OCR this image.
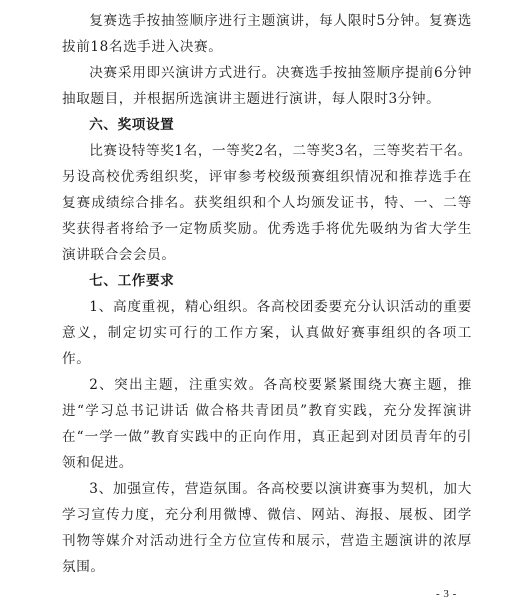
复赛选手按抽签顺序进行主题演讲，每人限时5分钟。复赛选拔前18名选手进入决赛。

决赛采用即兴演讲方式进行。决赛选手按抽签顺序提前6分钟抽取题目，并根据所选演讲主题进行演讲，每人限时3分钟。

六、奖项设置

比赛设特等奖1名，一等奖2名，二等奖3名，三等奖若干名。另设高校优秀组织奖，评审参考校级预赛组织情况和推荐选手在复赛成绩综合排名。获奖组织和个人均颁发证书，特、一、二等奖获得者将给予一定物质奖励。优秀选手将优先吸纳为省大学生演讲联合会会员。

七、工作要求

1、高度重视，精心组织。各高校团委要充分认识活动的重要意义，制定切实可行的工作方案，认真做好赛事组织的各项工作。

2、突出主题，注重实效。各高校要紧紧围绕大赛主题，推进“学习总书记讲话 做合格共青团员”教育实践，充分发挥演讲在“一学一做”教育实践中的正向作用，真正起到对团员青年的引领和促进。

3、加强宣传，营造氛围。各高校要以演讲赛事为契机，加大学习宣传力度，充分利用微博、微信、网站、海报、展板、团学刊物等媒介对活动进行全方位宣传和展示，营造主题演讲的浓厚氛围。

- 3 -
